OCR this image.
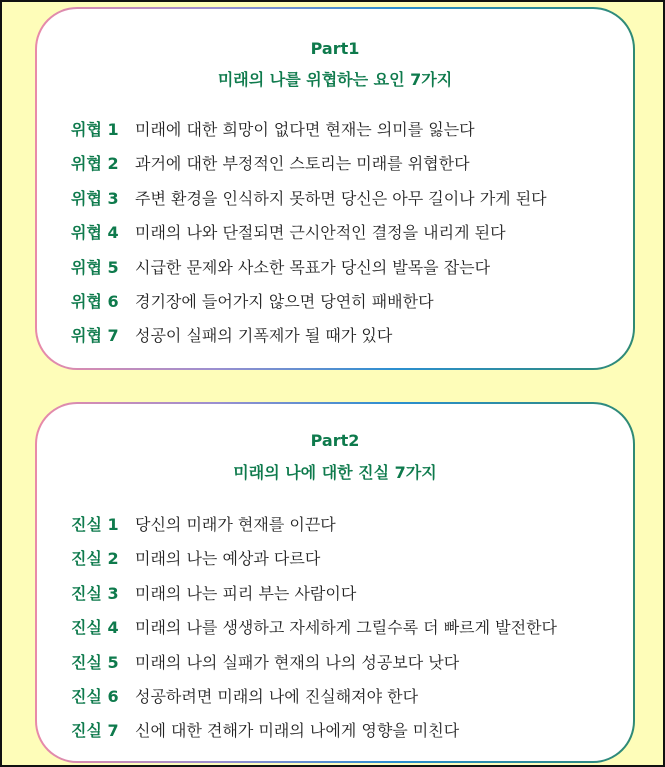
Part1
미래의 나를 위협하는 요인 7가지
위협 1 미래에 대한 희망이 없다면 현재는 의미를 잃는다
위협 2 과거에 대한 부정적인 스토리는 미래를 위협한다
위협 3 주변 환경을 인식하지 못하면 당신은 아무 길이나 가게 된다
위협 4 미래의 나와 단절되면 근시안적인 결정을 내리게 된다
위협 5 시급한 문제와 사소한 목표가 당신의 발목을 잡는다
위협 6 경기장에 들어가지 않으면 당연히 패배한다
위협 7 성공이 실패의 기폭제가 될 때가 있다
Part2
미래의 나에 대한 진실 7가지
진실 1 당신의 미래가 현재를 이끈다
진실 2 미래의 나는 예상과 다르다
진실 3 미래의 나는 피리 부는 사람이다
진실 4 미래의 나를 생생하고 자세하게 그릴수록 더 빠르게 발전한다
진실 5 미래의 나의 실패가 현재의 나의 성공보다 낫다
진실 6 성공하려면 미래의 나에 진실해져야 한다
진실 7 신에 대한 견해가 미래의 나에게 영향을 미친다
